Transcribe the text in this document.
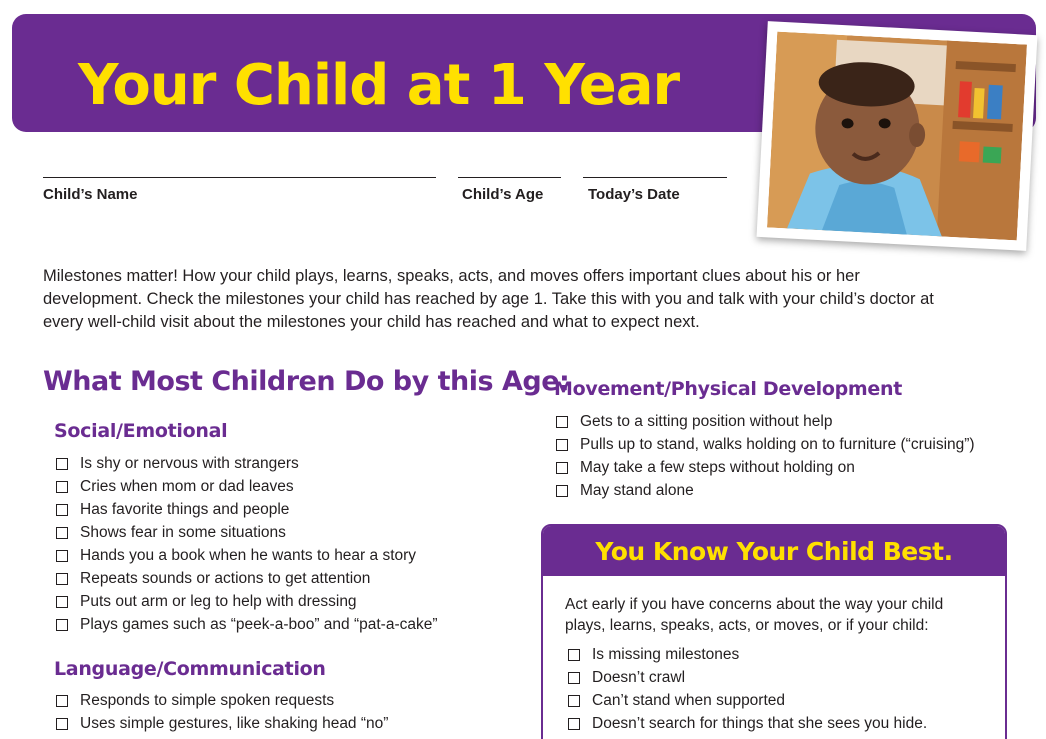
Your Child at 1 Year
Child’s Name	Child’s Age	Today’s Date

Milestones matter! How your child plays, learns, speaks, acts, and moves offers important clues about his or her development. Check the milestones your child has reached by age 1. Take this with you and talk with your child’s doctor at every well-child visit about the milestones your child has reached and what to expect next.

What Most Children Do by this Age:
Social/Emotional
Is shy or nervous with strangers
Cries when mom or dad leaves
Has favorite things and people
Shows fear in some situations
Hands you a book when he wants to hear a story
Repeats sounds or actions to get attention
Puts out arm or leg to help with dressing
Plays games such as “peek-a-boo” and “pat-a-cake”
Language/Communication
Responds to simple spoken requests
Uses simple gestures, like shaking head “no”
Movement/Physical Development
Gets to a sitting position without help
Pulls up to stand, walks holding on to furniture (“cruising”)
May take a few steps without holding on
May stand alone
You Know Your Child Best.

Act early if you have concerns about the way your child plays, learns, speaks, acts, or moves, or if your child:

Is missing milestones
Doesn’t crawl
Can’t stand when supported
Doesn’t search for things that she sees you hide.
